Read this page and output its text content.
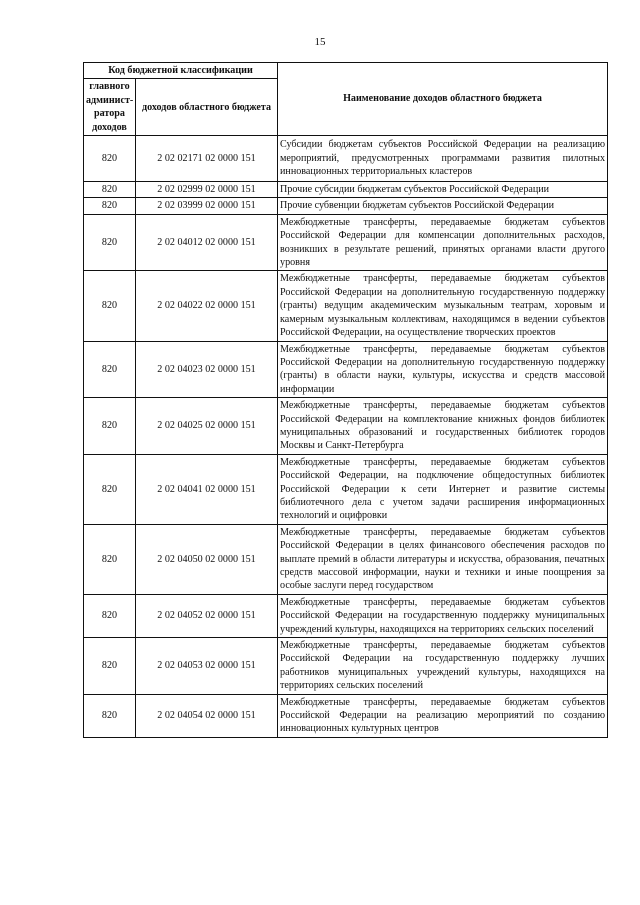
15
Код бюджетной классификации		Наименование доходов областного бюджета
главного админист-ратора доходов	доходов областного бюджета	
820	2 02 02171 02 0000 151	Субсидии бюджетам субъектов Российской Федерации на реализацию мероприятий, предусмотренных программами развития пилотных инновационных территориальных кластеров
820	2 02 02999 02 0000 151	Прочие субсидии бюджетам субъектов Российской Федерации
820	2 02 03999 02 0000 151	Прочие субвенции бюджетам субъектов Российской Федерации
820	2 02 04012 02 0000 151	Межбюджетные трансферты, передаваемые бюджетам субъектов Российской Федерации для компенсации дополнительных расходов, возникших в результате решений, принятых органами власти другого уровня
820	2 02 04022 02 0000 151	Межбюджетные трансферты, передаваемые бюджетам субъектов Российской Федерации на дополнительную государственную поддержку (гранты) ведущим академическим музыкальным театрам, хоровым и камерным музыкальным коллективам, находящимся в ведении субъектов Российской Федерации, на осуществление творческих проектов
820	2 02 04023 02 0000 151	Межбюджетные трансферты, передаваемые бюджетам субъектов Российской Федерации на дополнительную государственную поддержку (гранты) в области науки, культуры, искусства и средств массовой информации
820	2 02 04025 02 0000 151	Межбюджетные трансферты, передаваемые бюджетам субъектов Российской Федерации на комплектование книжных фондов библиотек муниципальных образований и государственных библиотек городов Москвы и Санкт-Петербурга
820	2 02 04041 02 0000 151	Межбюджетные трансферты, передаваемые бюджетам субъектов Российской Федерации, на подключение общедоступных библиотек Российской Федерации к сети Интернет и развитие системы библиотечного дела с учетом задачи расширения информационных технологий и оцифровки
820	2 02 04050 02 0000 151	Межбюджетные трансферты, передаваемые бюджетам субъектов Российской Федерации в целях финансового обеспечения расходов по выплате премий в области литературы и искусства, образования, печатных средств массовой информации, науки и техники и иные поощрения за особые заслуги перед государством
820	2 02 04052 02 0000 151	Межбюджетные трансферты, передаваемые бюджетам субъектов Российской Федерации на государственную поддержку муниципальных учреждений культуры, находящихся на территориях сельских поселений
820	2 02 04053 02 0000 151	Межбюджетные трансферты, передаваемые бюджетам субъектов Российской Федерации на государственную поддержку лучших работников муниципальных учреждений культуры, находящихся на территориях сельских поселений
820	2 02 04054 02 0000 151	Межбюджетные трансферты, передаваемые бюджетам субъектов Российской Федерации на реализацию мероприятий по созданию инновационных культурных центров
